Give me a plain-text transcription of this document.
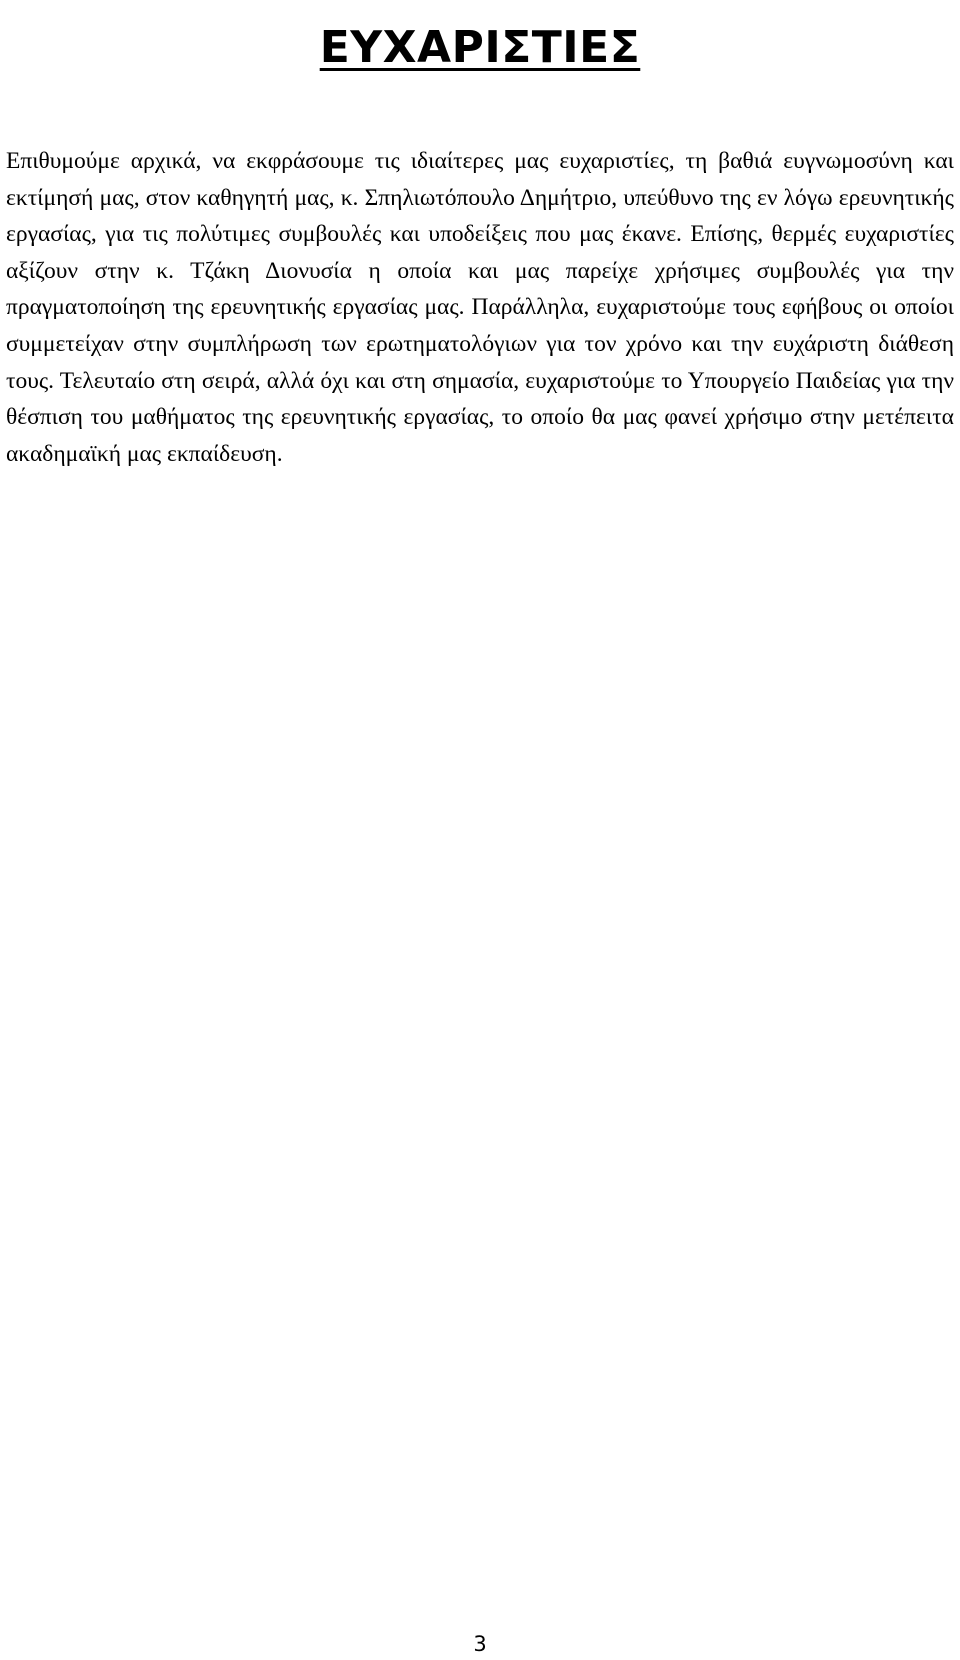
ΕΥΧΑΡΙΣΤΙΕΣ

Επιθυμούμε αρχικά, να εκφράσουμε τις ιδιαίτερες μας ευχαριστίες, τη βαθιά ευγνωμοσύνη και εκτίμησή μας, στον καθηγητή μας, κ. Σπηλιωτόπουλο Δημήτριο, υπεύθυνο της εν λόγω ερευνητικής εργασίας, για τις πολύτιμες συμβουλές και υποδείξεις που μας έκανε. Επίσης, θερμές ευχαριστίες αξίζουν στην κ. Τζάκη Διονυσία η οποία και μας παρείχε χρήσιμες συμβουλές για την πραγματοποίηση της ερευνητικής εργασίας μας. Παράλληλα, ευχαριστούμε τους εφήβους οι οποίοι συμμετείχαν στην συμπλήρωση των ερωτηματολόγιων για τον χρόνο και την ευχάριστη διάθεση τους. Τελευταίο στη σειρά, αλλά όχι και στη σημασία, ευχαριστούμε το Υπουργείο Παιδείας για την θέσπιση του μαθήματος της ερευνητικής εργασίας, το οποίο θα μας φανεί χρήσιμο στην μετέπειτα ακαδημαϊκή μας εκπαίδευση.

3
